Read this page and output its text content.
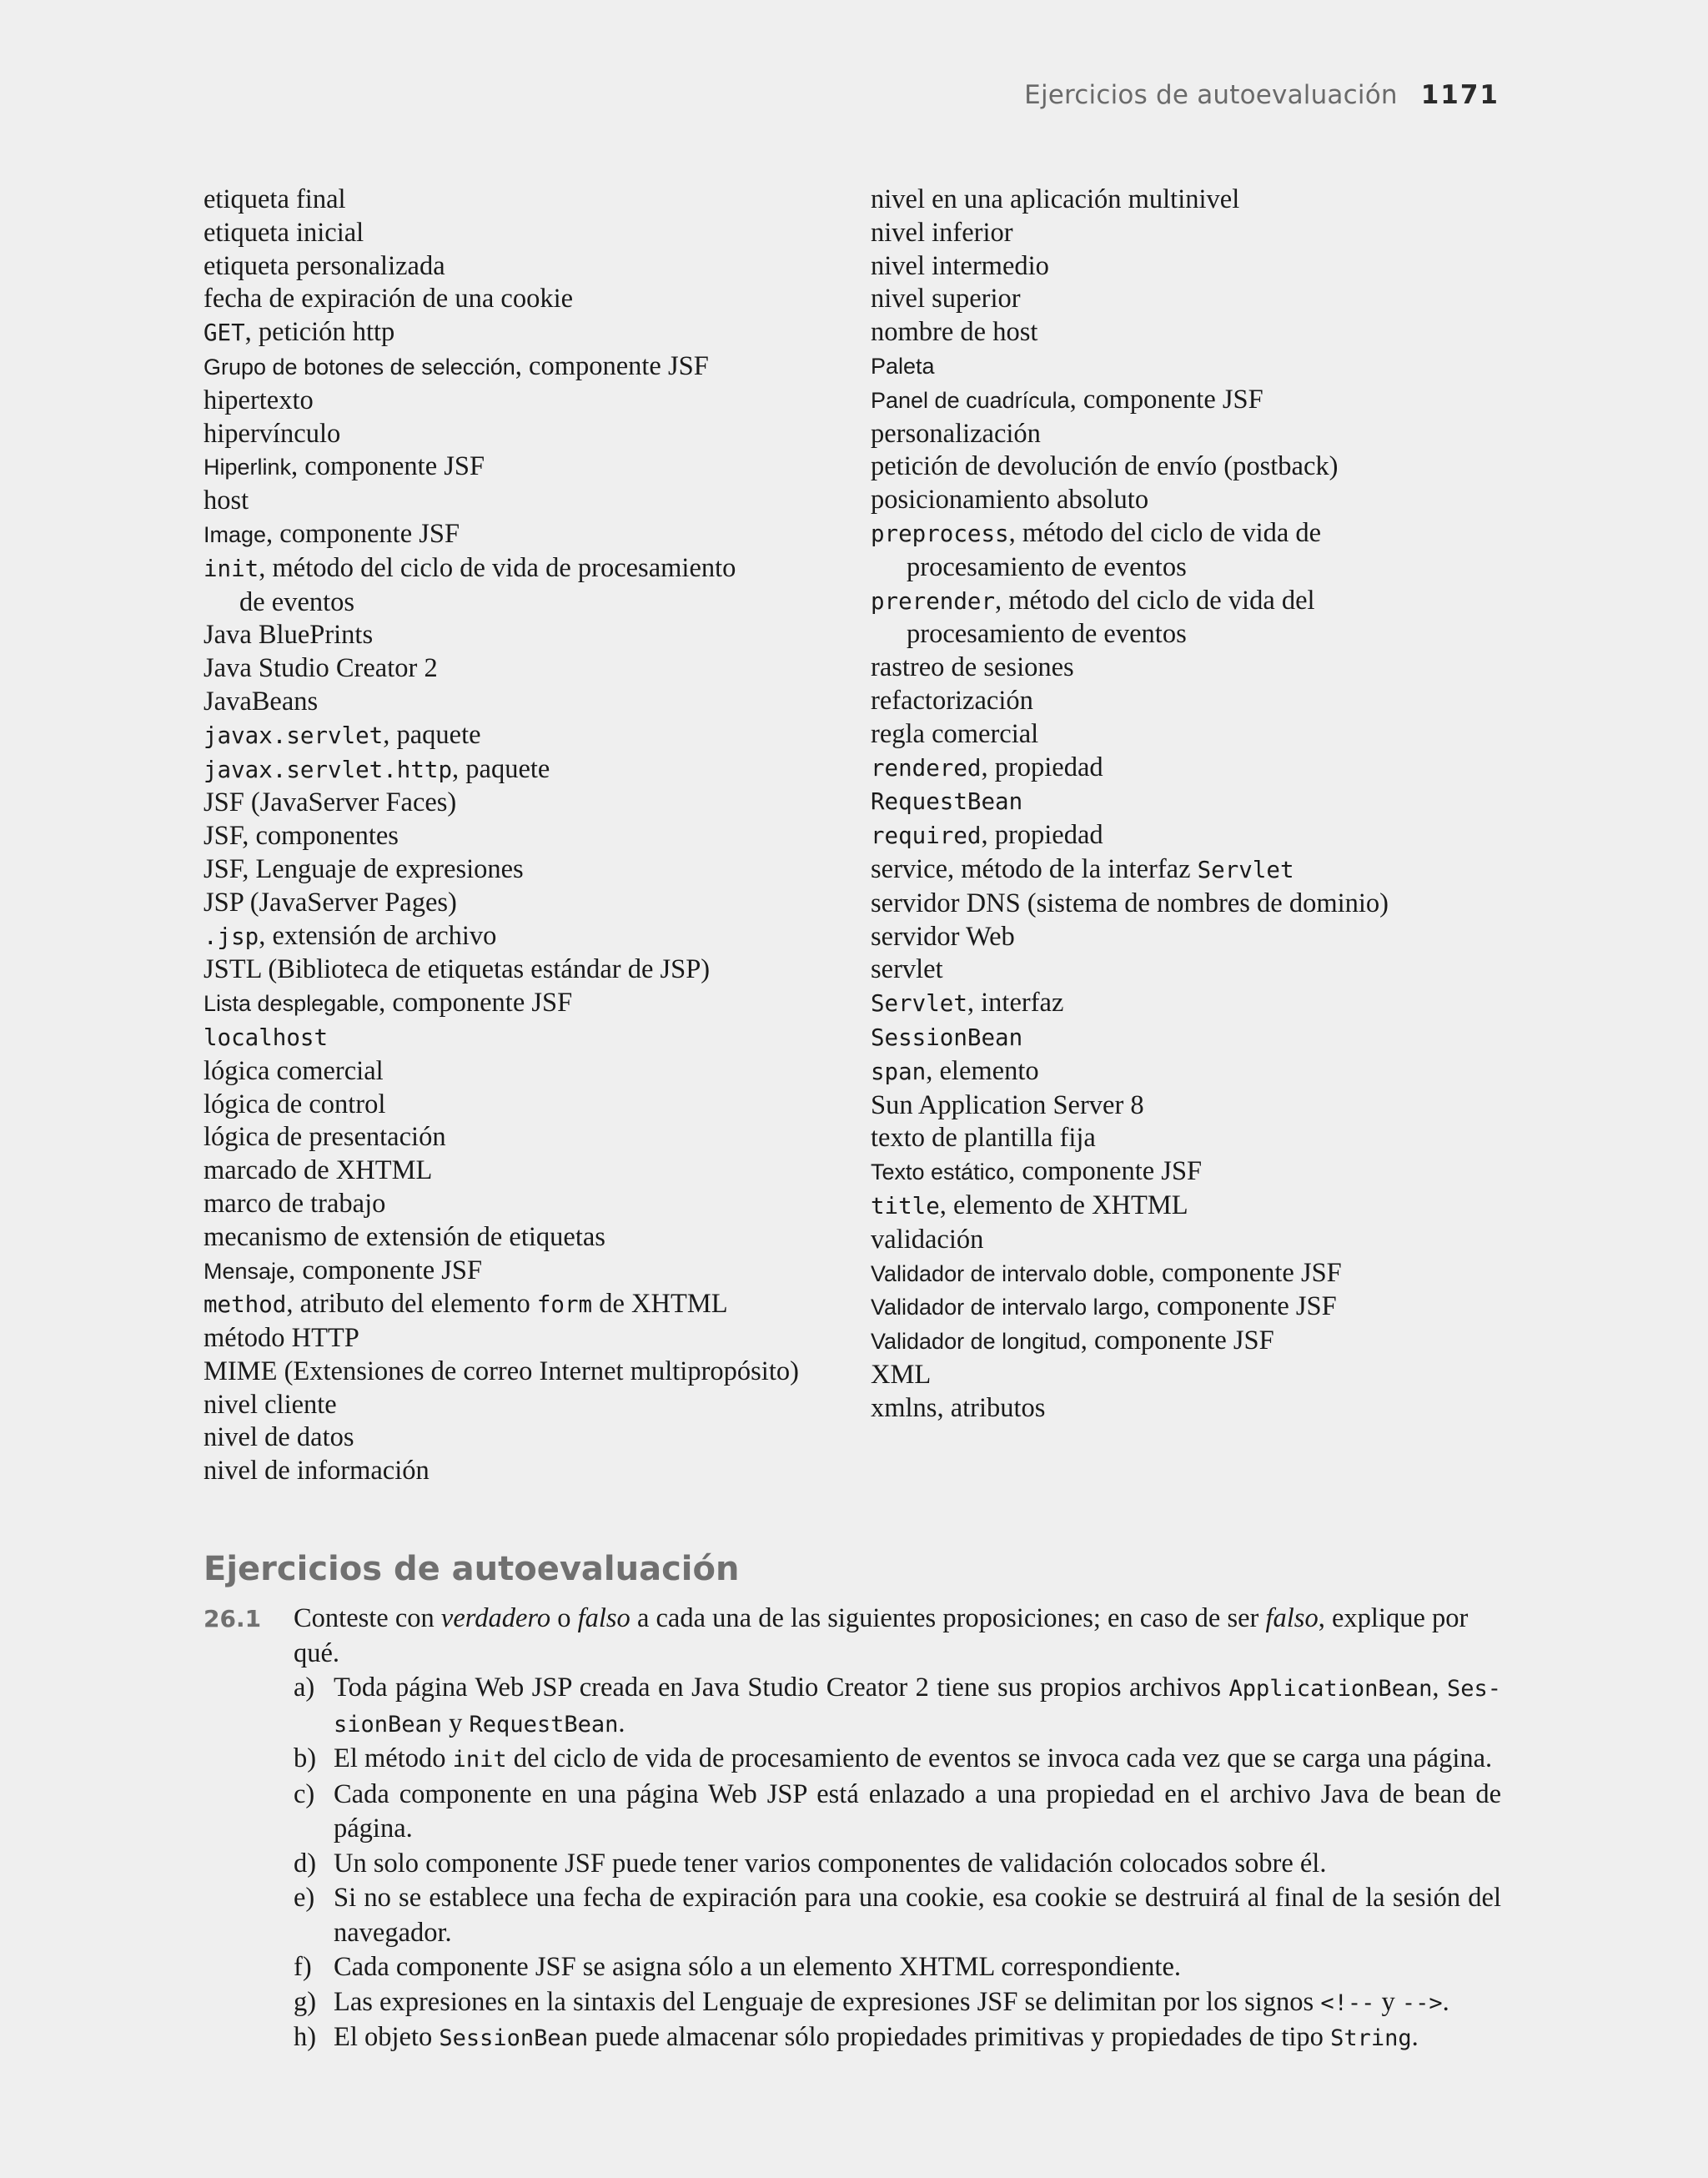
Ejercicios de autoevaluación 1171
etiqueta final
etiqueta inicial
etiqueta personalizada
fecha de expiración de una cookie
GET, petición http
Grupo de botones de selección, componente JSF
hipertexto
hipervínculo
Hiperlink, componente JSF
host
Image, componente JSF
init, método del ciclo de vida de procesamiento
de eventos
Java BluePrints
Java Studio Creator 2
JavaBeans
javax.servlet, paquete
javax.servlet.http, paquete
JSF (JavaServer Faces)
JSF, componentes
JSF, Lenguaje de expresiones
JSP (JavaServer Pages)
.jsp, extensión de archivo
JSTL (Biblioteca de etiquetas estándar de JSP)
Lista desplegable, componente JSF
localhost
lógica comercial
lógica de control
lógica de presentación
marcado de XHTML
marco de trabajo
mecanismo de extensión de etiquetas
Mensaje, componente JSF
method, atributo del elemento form de XHTML
método HTTP
MIME (Extensiones de correo Internet multipropósito)
nivel cliente
nivel de datos
nivel de información
nivel en una aplicación multinivel
nivel inferior
nivel intermedio
nivel superior
nombre de host
Paleta
Panel de cuadrícula, componente JSF
personalización
petición de devolución de envío (postback)
posicionamiento absoluto
preprocess, método del ciclo de vida de
procesamiento de eventos
prerender, método del ciclo de vida del
procesamiento de eventos
rastreo de sesiones
refactorización
regla comercial
rendered, propiedad
RequestBean
required, propiedad
service, método de la interfaz Servlet
servidor DNS (sistema de nombres de dominio)
servidor Web
servlet
Servlet, interfaz
SessionBean
span, elemento
Sun Application Server 8
texto de plantilla fija
Texto estático, componente JSF
title, elemento de XHTML
validación
Validador de intervalo doble, componente JSF
Validador de intervalo largo, componente JSF
Validador de longitud, componente JSF
XML
xmlns, atributos
Ejercicios de autoevaluación
26.1 Conteste con verdadero o falso a cada una de las siguientes proposiciones; en caso de ser falso, explique por qué.
a) Toda página Web JSP creada en Java Studio Creator 2 tiene sus propios archivos ApplicationBean, Ses-sionBean y RequestBean.
b) El método init del ciclo de vida de procesamiento de eventos se invoca cada vez que se carga una página.
c) Cada componente en una página Web JSP está enlazado a una propiedad en el archivo Java de bean de página.
d) Un solo componente JSF puede tener varios componentes de validación colocados sobre él.
e) Si no se establece una fecha de expiración para una cookie, esa cookie se destruirá al final de la sesión del navegador.
f) Cada componente JSF se asigna sólo a un elemento XHTML correspondiente.
g) Las expresiones en la sintaxis del Lenguaje de expresiones JSF se delimitan por los signos <!-- y -->.
h) El objeto SessionBean puede almacenar sólo propiedades primitivas y propiedades de tipo String.
